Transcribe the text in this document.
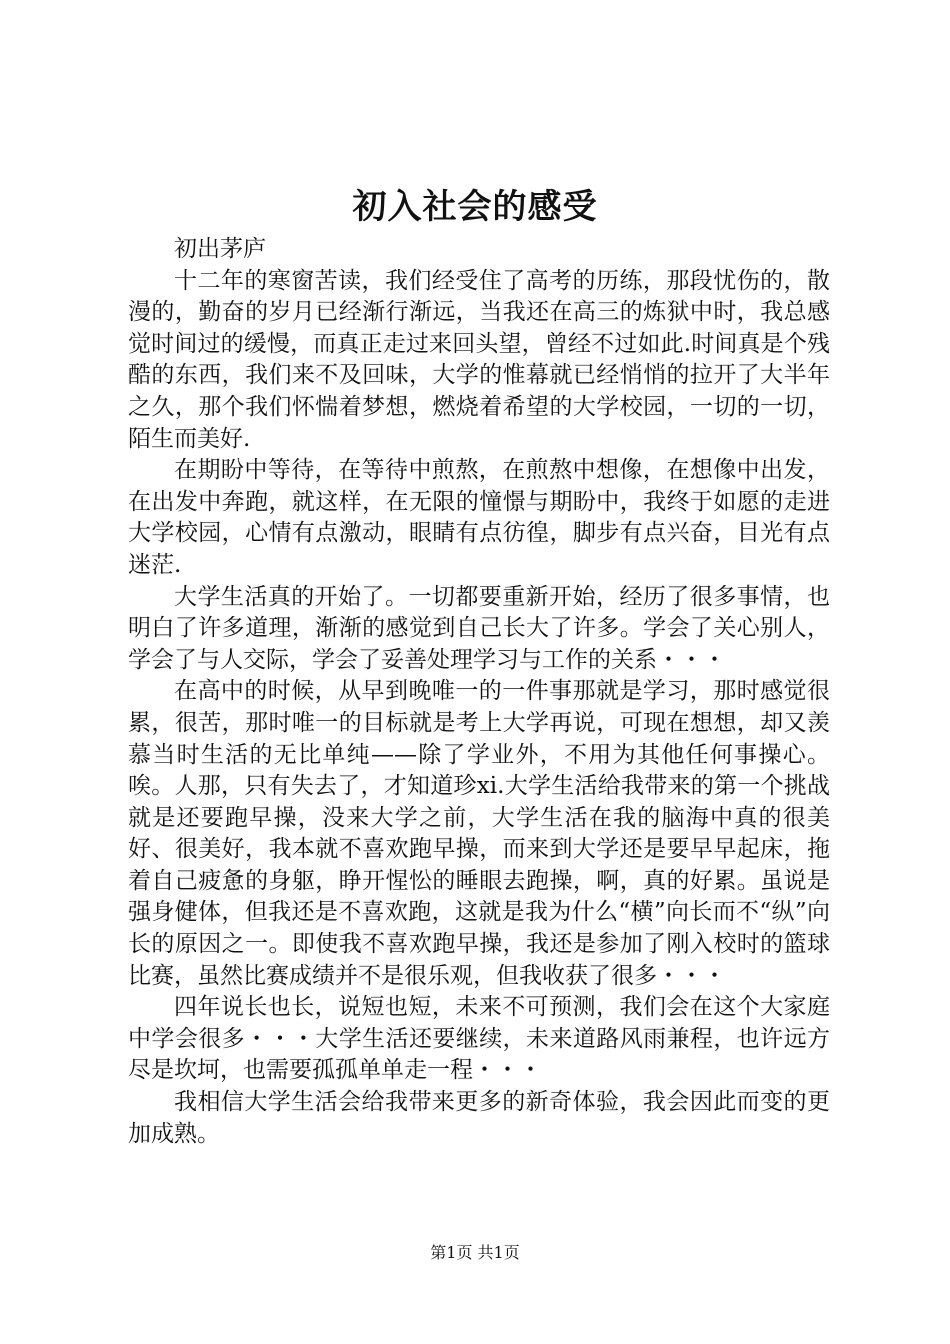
初入社会的感受

初出茅庐

十二年的寒窗苦读，我们经受住了高考的历练，那段忧伤的，散漫的，勤奋的岁月已经渐行渐远，当我还在高三的炼狱中时，我总感觉时间过的缓慢，而真正走过来回头望，曾经不过如此.时间真是个残酷的东西，我们来不及回味，大学的惟幕就已经悄悄的拉开了大半年之久，那个我们怀惴着梦想，燃烧着希望的大学校园，一切的一切，陌生而美好.

在期盼中等待，在等待中煎熬，在煎熬中想像，在想像中出发，在出发中奔跑，就这样，在无限的憧憬与期盼中，我终于如愿的走进大学校园，心情有点激动，眼睛有点彷徨，脚步有点兴奋，目光有点迷茫.

大学生活真的开始了。一切都要重新开始，经历了很多事情，也明白了许多道理，渐渐的感觉到自己长大了许多。学会了关心别人，学会了与人交际，学会了妥善处理学习与工作的关系・・・

在高中的时候，从早到晚唯一的一件事那就是学习，那时感觉很累，很苦，那时唯一的目标就是考上大学再说，可现在想想，却又羡慕当时生活的无比单纯——除了学业外，不用为其他任何事操心。唉。人那，只有失去了，才知道珍xi.大学生活给我带来的第一个挑战就是还要跑早操，没来大学之前，大学生活在我的脑海中真的很美好、很美好，我本就不喜欢跑早操，而来到大学还是要早早起床，拖着自己疲惫的身躯，睁开惺忪的睡眼去跑操，啊，真的好累。虽说是强身健体，但我还是不喜欢跑，这就是我为什么“横”向长而不“纵”向长的原因之一。即使我不喜欢跑早操，我还是参加了刚入校时的篮球比赛，虽然比赛成绩并不是很乐观，但我收获了很多・・・

四年说长也长，说短也短，未来不可预测，我们会在这个大家庭中学会很多・・・大学生活还要继续，未来道路风雨兼程，也许远方尽是坎坷，也需要孤孤单单走一程・・・

我相信大学生活会给我带来更多的新奇体验，我会因此而变的更加成熟。

第1页 共1页
